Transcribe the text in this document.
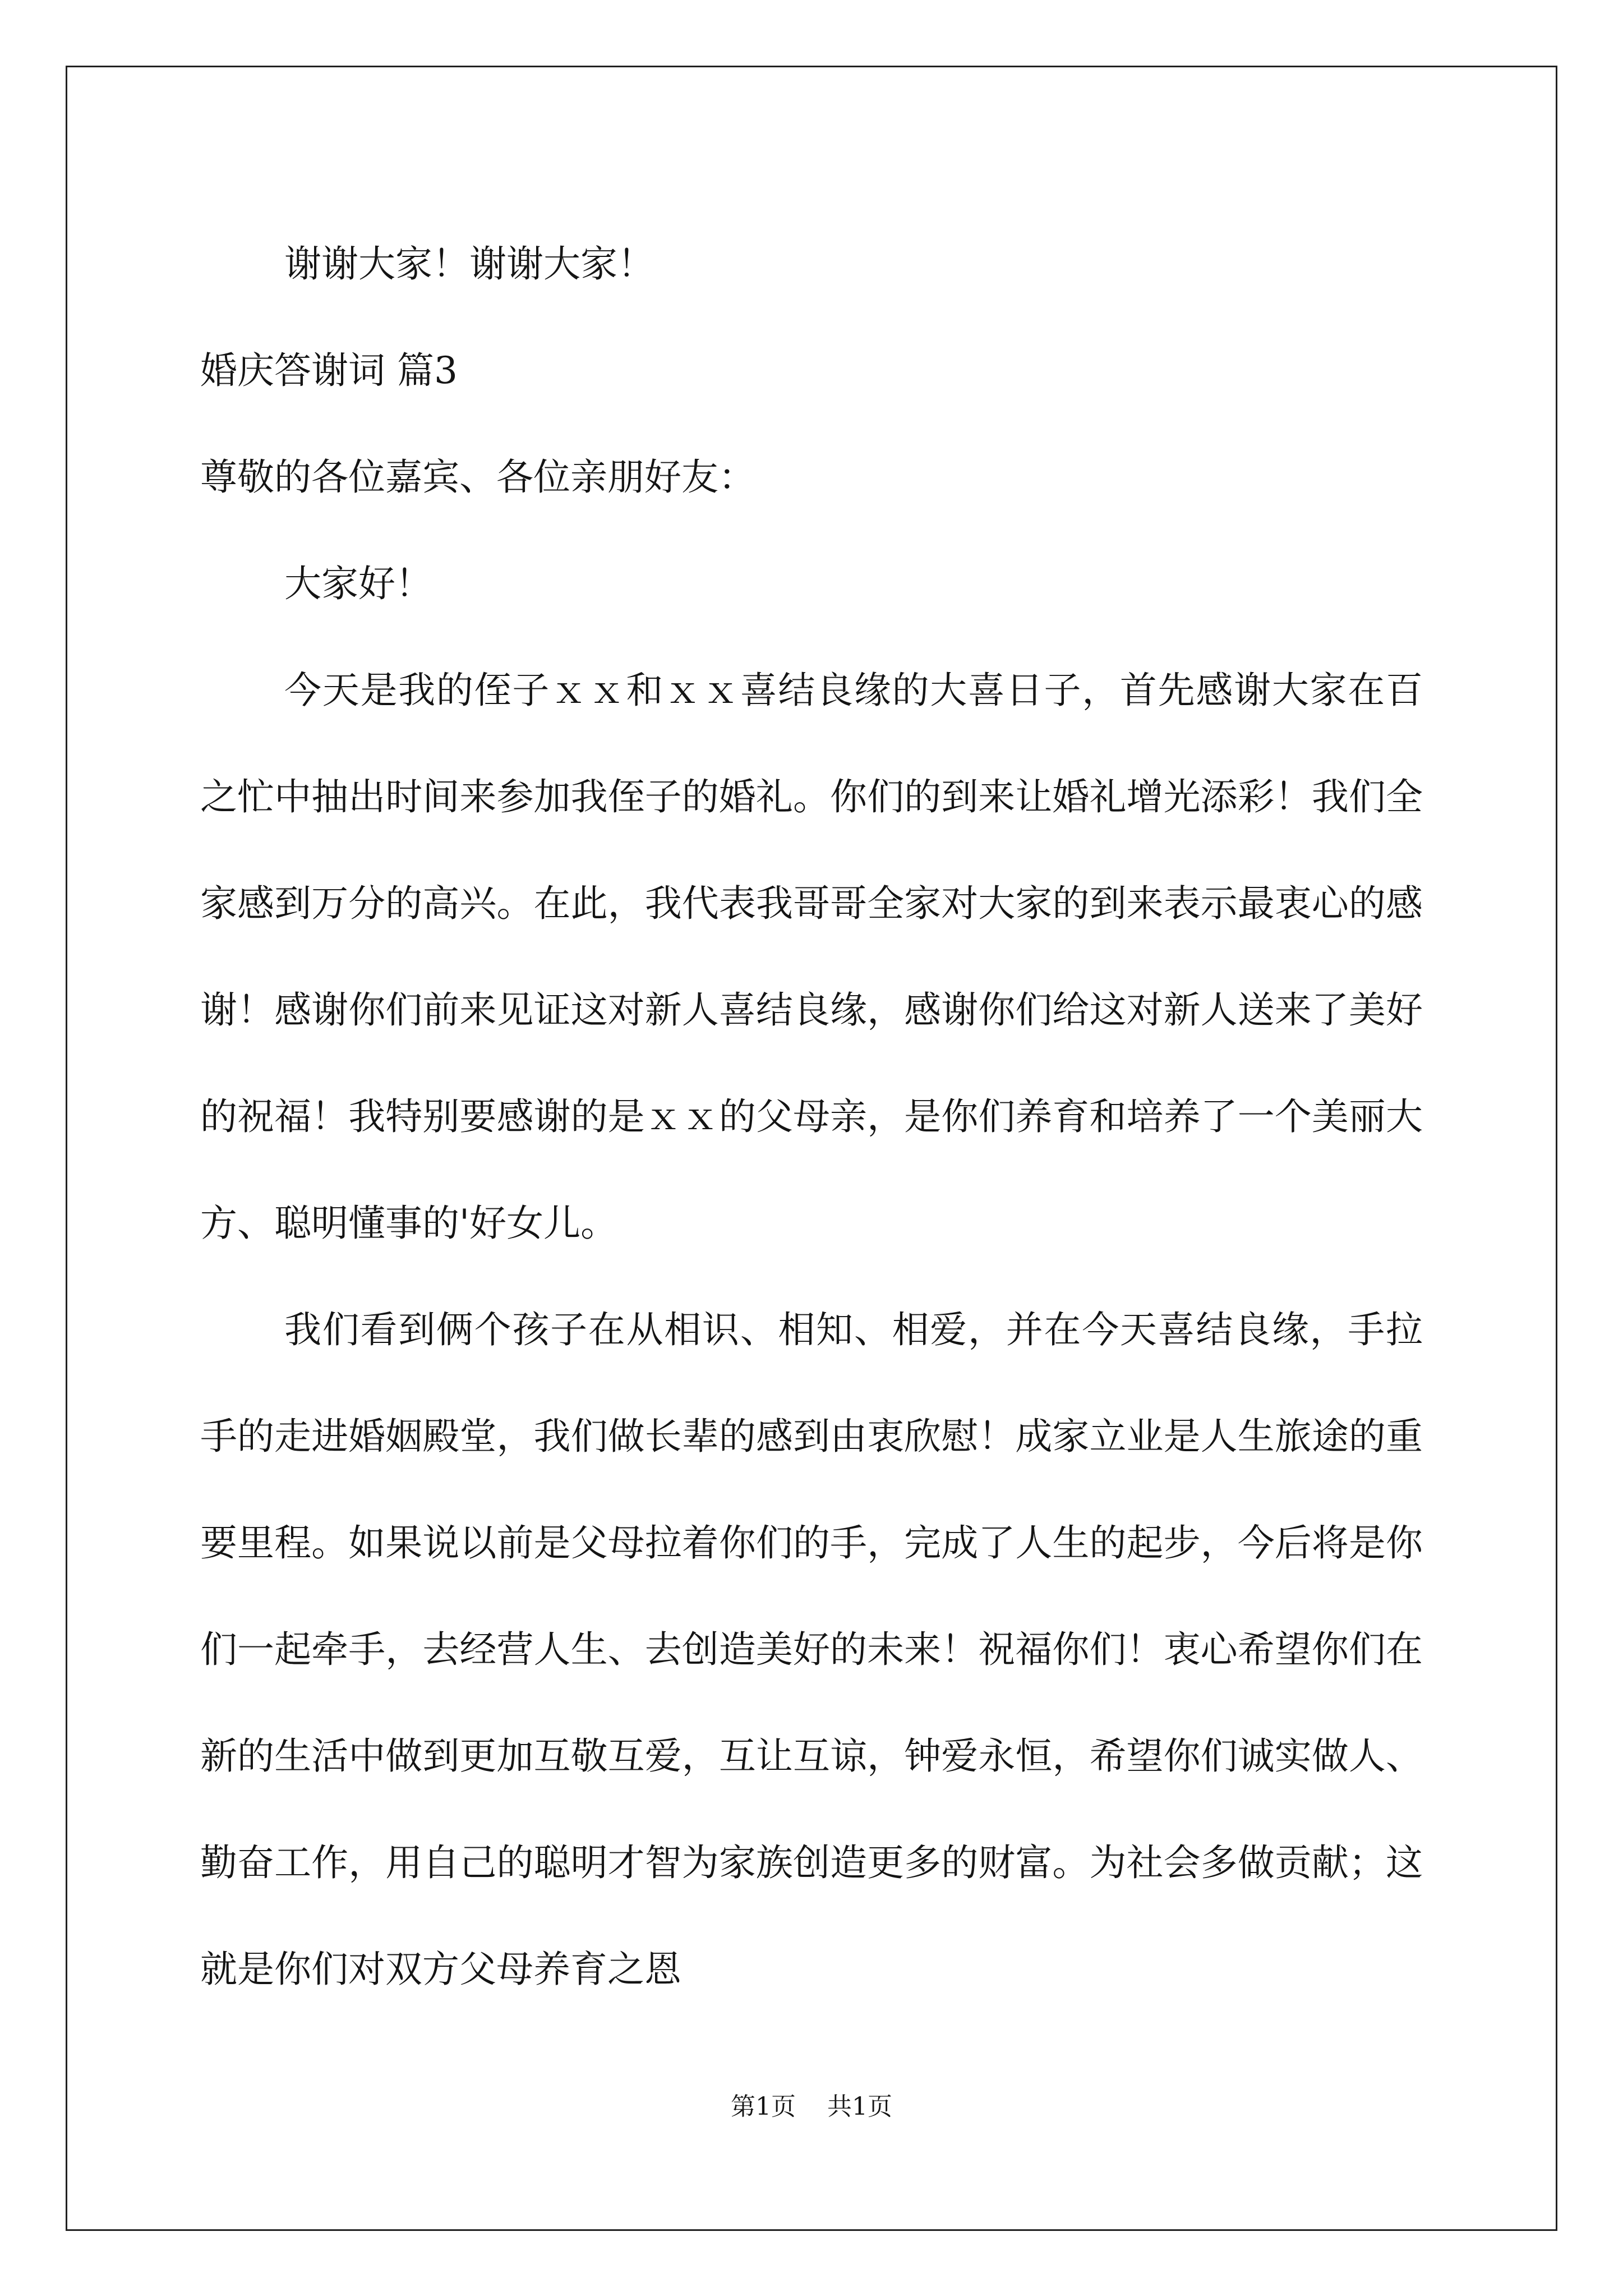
谢谢大家！谢谢大家！

婚庆答谢词 篇3

尊敬的各位嘉宾、各位亲朋好友：

大家好！

今天是我的侄子ｘｘ和ｘｘ喜结良缘的大喜日子，首先感谢大家在百之忙中抽出时间来参加我侄子的婚礼。你们的到来让婚礼增光添彩！我们全家感到万分的高兴。在此，我代表我哥哥全家对大家的到来表示最衷心的感谢！感谢你们前来见证这对新人喜结良缘，感谢你们给这对新人送来了美好的祝福！我特别要感谢的是ｘｘ的父母亲，是你们养育和培养了一个美丽大方、聪明懂事的'好女儿。

我们看到俩个孩子在从相识、相知、相爱，并在今天喜结良缘，手拉手的走进婚姻殿堂，我们做长辈的感到由衷欣慰！成家立业是人生旅途的重要里程。如果说以前是父母拉着你们的手，完成了人生的起步，今后将是你们一起牵手，去经营人生、去创造美好的未来！祝福你们！衷心希望你们在新的生活中做到更加互敬互爱，互让互谅，钟爱永恒，希望你们诚实做人、勤奋工作，用自己的聪明才智为家族创造更多的财富。为社会多做贡献；这就是你们对双方父母养育之恩

第1页 共1页
